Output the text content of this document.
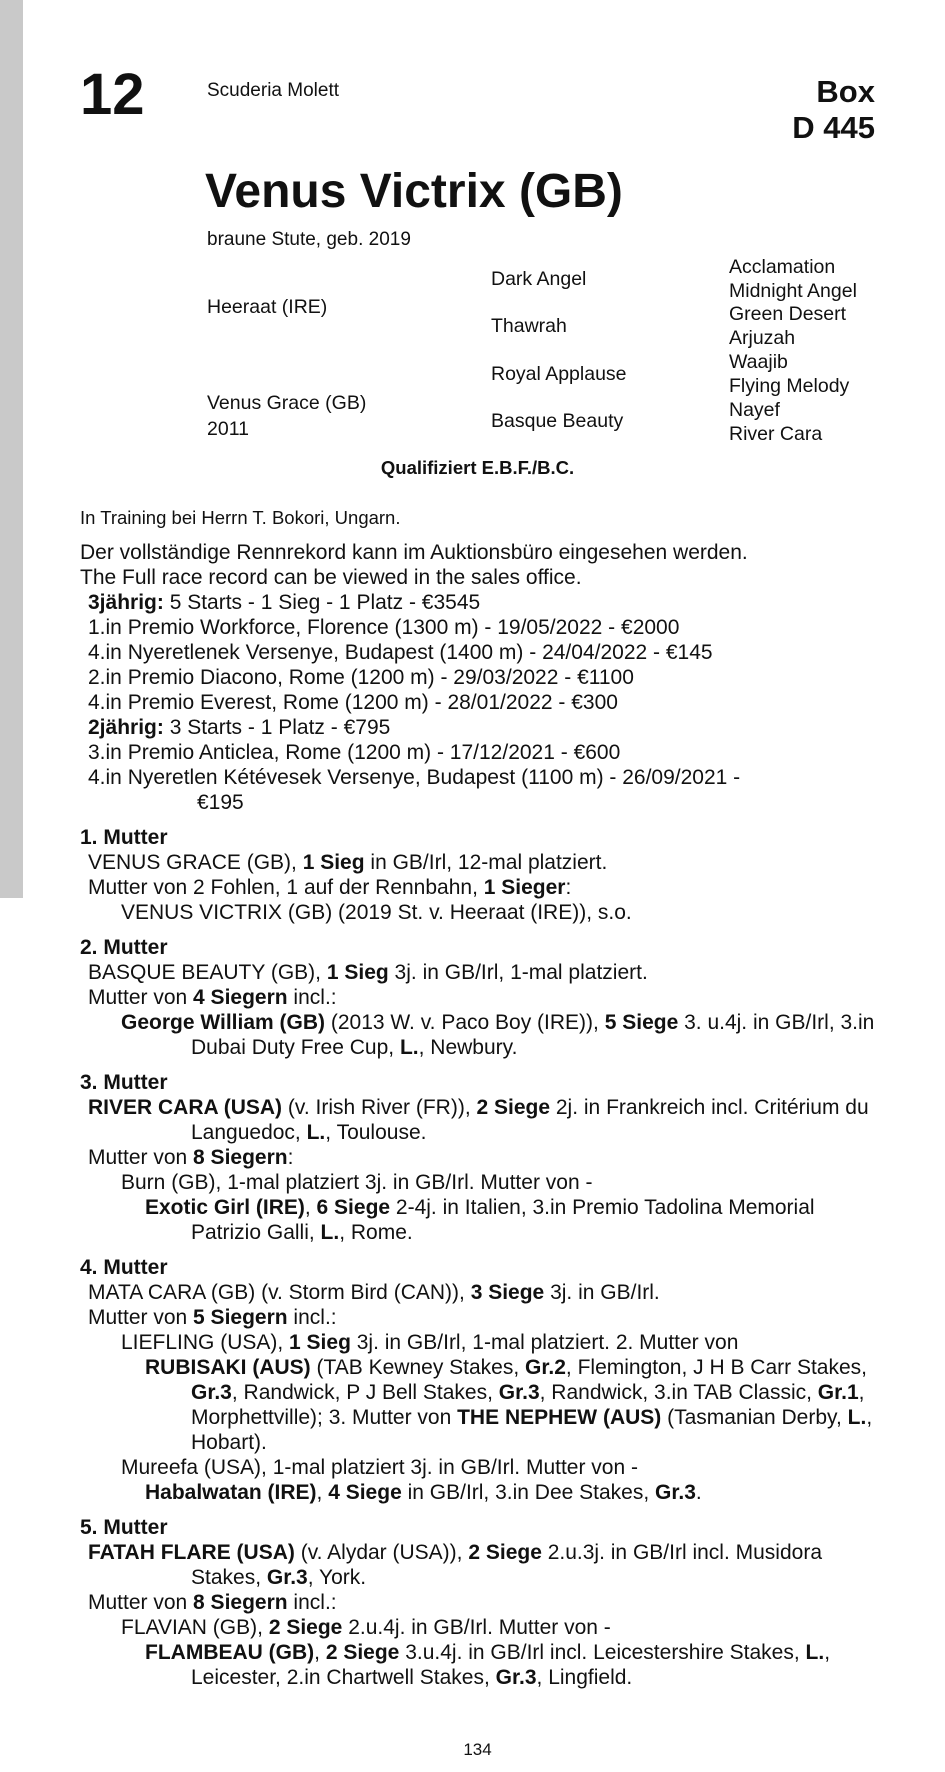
12	Scuderia Molett	Box
D 445
Venus Victrix (GB)
braune Stute, geb. 2019
Heeraat (IRE)
Venus Grace (GB)
2011
Dark Angel
Thawrah
Royal Applause
Basque Beauty
Acclamation
Midnight Angel
Green Desert
Arjuzah
Waajib
Flying Melody
Nayef
River Cara
Qualifiziert E.B.F./B.C.
In Training bei Herrn T. Bokori, Ungarn.
Der vollständige Rennrekord kann im Auktionsbüro eingesehen werden.
The Full race record can be viewed in the sales office.
3jährig: 5 Starts - 1 Sieg - 1 Platz - €3545
1.in Premio Workforce, Florence (1300 m) - 19/05/2022 - €2000
4.in Nyeretlenek Versenye, Budapest (1400 m) - 24/04/2022 - €145
2.in Premio Diacono, Rome (1200 m) - 29/03/2022 - €1100
4.in Premio Everest, Rome (1200 m) - 28/01/2022 - €300
2jährig: 3 Starts - 1 Platz - €795
3.in Premio Anticlea, Rome (1200 m) - 17/12/2021 - €600
4.in Nyeretlen Kétévesek Versenye, Budapest (1100 m) - 26/09/2021 -
€195
1. Mutter
VENUS GRACE (GB), 1 Sieg in GB/Irl, 12-mal platziert.
Mutter von 2 Fohlen, 1 auf der Rennbahn, 1 Sieger:
VENUS VICTRIX (GB) (2019 St. v. Heeraat (IRE)), s.o.
2. Mutter
BASQUE BEAUTY (GB), 1 Sieg 3j. in GB/Irl, 1-mal platziert.
Mutter von 4 Siegern incl.:
George William (GB) (2013 W. v. Paco Boy (IRE)), 5 Siege 3. u.4j. in GB/Irl, 3.in Dubai Duty Free Cup, L., Newbury.
3. Mutter
RIVER CARA (USA) (v. Irish River (FR)), 2 Siege 2j. in Frankreich incl. Critérium du Languedoc, L., Toulouse.
Mutter von 8 Siegern:
Burn (GB), 1-mal platziert 3j. in GB/Irl. Mutter von -
Exotic Girl (IRE), 6 Siege 2-4j. in Italien, 3.in Premio Tadolina Memorial Patrizio Galli, L., Rome.
4. Mutter
MATA CARA (GB) (v. Storm Bird (CAN)), 3 Siege 3j. in GB/Irl.
Mutter von 5 Siegern incl.:
LIEFLING (USA), 1 Sieg 3j. in GB/Irl, 1-mal platziert. 2. Mutter von
RUBISAKI (AUS) (TAB Kewney Stakes, Gr.2, Flemington, J H B Carr Stakes, Gr.3, Randwick, P J Bell Stakes, Gr.3, Randwick, 3.in TAB Classic, Gr.1, Morphettville); 3. Mutter von THE NEPHEW (AUS) (Tasmanian Derby, L., Hobart).
Mureefa (USA), 1-mal platziert 3j. in GB/Irl. Mutter von -
Habalwatan (IRE), 4 Siege in GB/Irl, 3.in Dee Stakes, Gr.3.
5. Mutter
FATAH FLARE (USA) (v. Alydar (USA)), 2 Siege 2.u.3j. in GB/Irl incl. Musidora Stakes, Gr.3, York.
Mutter von 8 Siegern incl.:
FLAVIAN (GB), 2 Siege 2.u.4j. in GB/Irl. Mutter von -
FLAMBEAU (GB), 2 Siege 3.u.4j. in GB/Irl incl. Leicestershire Stakes, L., Leicester, 2.in Chartwell Stakes, Gr.3, Lingfield.
134
